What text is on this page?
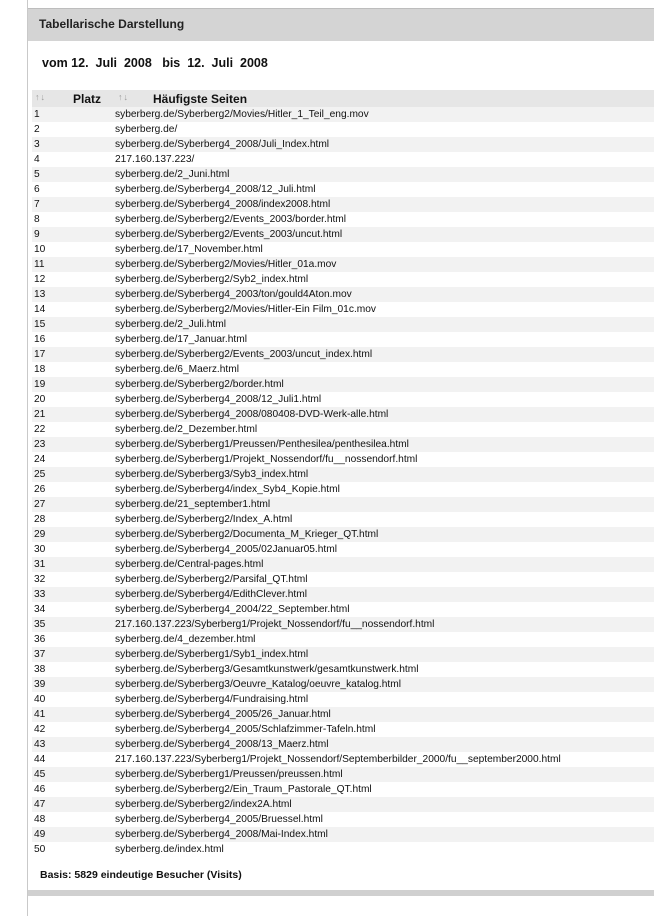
Tabellarische Darstellung
vom 12.  Juli  2008   bis  12.  Juli  2008
↑↓ Platz ↑↓ Häufigste Seiten
1	syberberg.de/Syberberg2/Movies/Hitler_1_Teil_eng.mov
2	syberberg.de/
3	syberberg.de/Syberberg4_2008/Juli_Index.html
4	217.160.137.223/
5	syberberg.de/2_Juni.html
6	syberberg.de/Syberberg4_2008/12_Juli.html
7	syberberg.de/Syberberg4_2008/index2008.html
8	syberberg.de/Syberberg2/Events_2003/border.html
9	syberberg.de/Syberberg2/Events_2003/uncut.html
10	syberberg.de/17_November.html
11	syberberg.de/Syberberg2/Movies/Hitler_01a.mov
12	syberberg.de/Syberberg2/Syb2_index.html
13	syberberg.de/Syberberg4_2003/ton/gould4Aton.mov
14	syberberg.de/Syberberg2/Movies/Hitler-Ein Film_01c.mov
15	syberberg.de/2_Juli.html
16	syberberg.de/17_Januar.html
17	syberberg.de/Syberberg2/Events_2003/uncut_index.html
18	syberberg.de/6_Maerz.html
19	syberberg.de/Syberberg2/border.html
20	syberberg.de/Syberberg4_2008/12_Juli1.html
21	syberberg.de/Syberberg4_2008/080408-DVD-Werk-alle.html
22	syberberg.de/2_Dezember.html
23	syberberg.de/Syberberg1/Preussen/Penthesilea/penthesilea.html
24	syberberg.de/Syberberg1/Projekt_Nossendorf/fu__nossendorf.html
25	syberberg.de/Syberberg3/Syb3_index.html
26	syberberg.de/Syberberg4/index_Syb4_Kopie.html
27	syberberg.de/21_september1.html
28	syberberg.de/Syberberg2/Index_A.html
29	syberberg.de/Syberberg2/Documenta_M_Krieger_QT.html
30	syberberg.de/Syberberg4_2005/02Januar05.html
31	syberberg.de/Central-pages.html
32	syberberg.de/Syberberg2/Parsifal_QT.html
33	syberberg.de/Syberberg4/EdithClever.html
34	syberberg.de/Syberberg4_2004/22_September.html
35	217.160.137.223/Syberberg1/Projekt_Nossendorf/fu__nossendorf.html
36	syberberg.de/4_dezember.html
37	syberberg.de/Syberberg1/Syb1_index.html
38	syberberg.de/Syberberg3/Gesamtkunstwerk/gesamtkunstwerk.html
39	syberberg.de/Syberberg3/Oeuvre_Katalog/oeuvre_katalog.html
40	syberberg.de/Syberberg4/Fundraising.html
41	syberberg.de/Syberberg4_2005/26_Januar.html
42	syberberg.de/Syberberg4_2005/Schlafzimmer-Tafeln.html
43	syberberg.de/Syberberg4_2008/13_Maerz.html
44	217.160.137.223/Syberberg1/Projekt_Nossendorf/Septemberbilder_2000/fu__september2000.html
45	syberberg.de/Syberberg1/Preussen/preussen.html
46	syberberg.de/Syberberg2/Ein_Traum_Pastorale_QT.html
47	syberberg.de/Syberberg2/index2A.html
48	syberberg.de/Syberberg4_2005/Bruessel.html
49	syberberg.de/Syberberg4_2008/Mai-Index.html
50	syberberg.de/index.html
Basis: 5829 eindeutige Besucher (Visits)
